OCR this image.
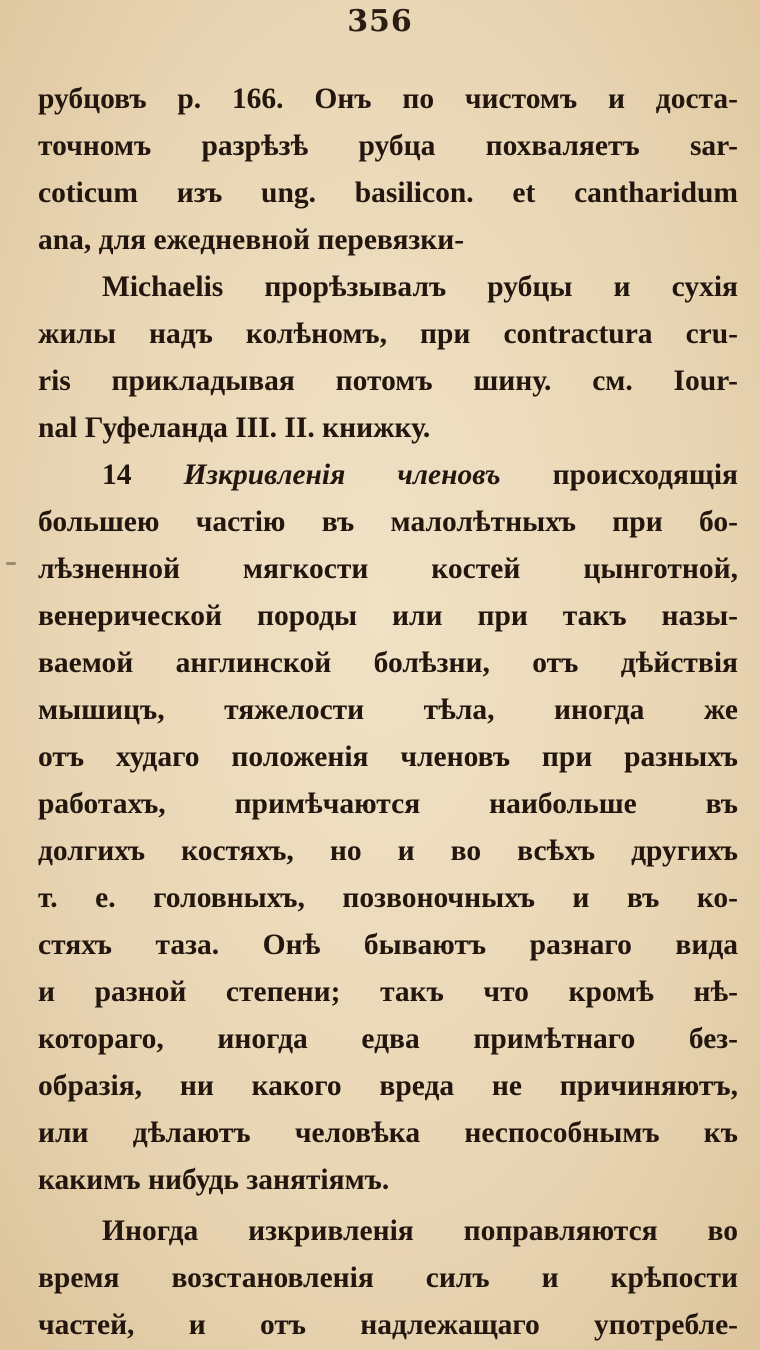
356
рубцовъ р. 166. Онъ по чистомъ и доста-
точномъ разрѣзѣ рубца похваляетъ sar-
coticum изъ ung. basilicon. et cantharidum
ana, для ежедневной перевязки-
Michaelis прорѣзывалъ рубцы и сухія
жилы надъ колѣномъ, при contractura cru-
ris прикладывая потомъ шину. см. Iour-
nal Гуфеланда III. II. книжку.
14 Изкривленія членовъ происходящія
большею частію въ малолѣтныхъ при бо-
лѣзненной мягкости костей цынготной,
венерической породы или при такъ назы-
ваемой англинской болѣзни, отъ дѣйствія
мышицъ, тяжелости тѣла, иногда же
отъ худаго положенія членовъ при разныхъ
работахъ, примѣчаются наибольше въ
долгихъ костяхъ, но и во всѣхъ другихъ
т. е. головныхъ, позвоночныхъ и въ ко-
стяхъ таза. Онѣ бываютъ разнаго вида
и разной степени; такъ что кромѣ нѣ-
котораго, иногда едва примѣтнаго без-
образія, ни какого вреда не причиняютъ,
или дѣлаютъ человѣка неспособнымъ къ
какимъ нибудь занятіямъ.
Иногда изкривленія поправляются во
время возстановленія силъ и крѣпости
частей, и отъ надлежащаго употребле-
